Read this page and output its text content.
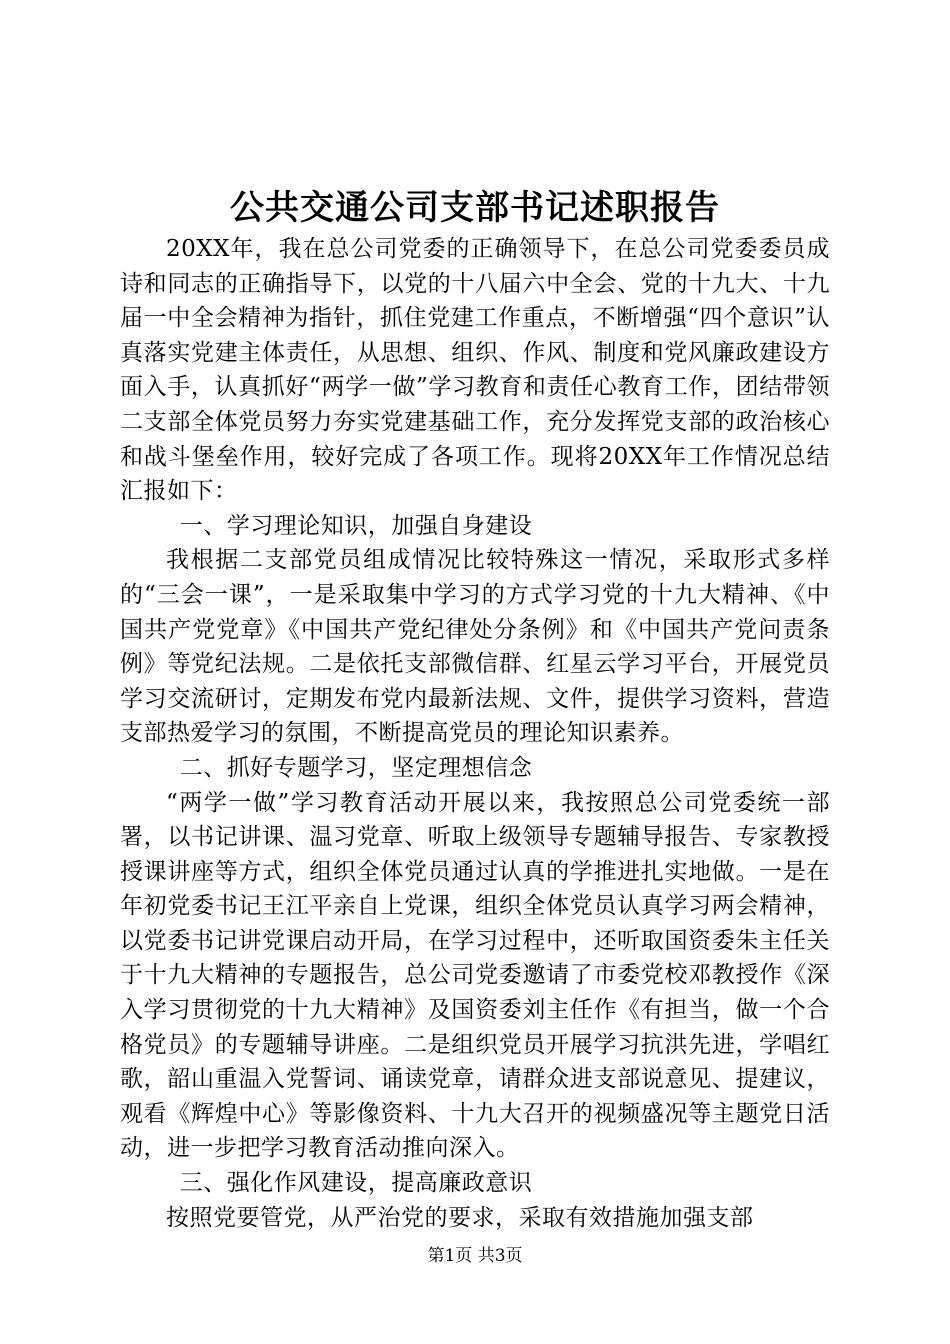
公共交通公司支部书记述职报告

20XX年，我在总公司党委的正确领导下，在总公司党委委员成诗和同志的正确指导下，以党的十八届六中全会、党的十九大、十九届一中全会精神为指针，抓住党建工作重点，不断增强“四个意识”认真落实党建主体责任，从思想、组织、作风、制度和党风廉政建设方面入手，认真抓好“两学一做”学习教育和责任心教育工作，团结带领二支部全体党员努力夯实党建基础工作，充分发挥党支部的政治核心和战斗堡垒作用，较好完成了各项工作。现将20XX年工作情况总结汇报如下：

一、学习理论知识，加强自身建设

我根据二支部党员组成情况比较特殊这一情况，采取形式多样的“三会一课”，一是采取集中学习的方式学习党的十九大精神、《中国共产党党章》《中国共产党纪律处分条例》和《中国共产党问责条例》等党纪法规。二是依托支部微信群、红星云学习平台，开展党员学习交流研讨，定期发布党内最新法规、文件，提供学习资料，营造支部热爱学习的氛围，不断提高党员的理论知识素养。

二、抓好专题学习，坚定理想信念

“两学一做”学习教育活动开展以来，我按照总公司党委统一部署，以书记讲课、温习党章、听取上级领导专题辅导报告、专家教授授课讲座等方式，组织全体党员通过认真的学推进扎实地做。一是在年初党委书记王江平亲自上党课，组织全体党员认真学习两会精神，以党委书记讲党课启动开局，在学习过程中，还听取国资委朱主任关于十九大精神的专题报告，总公司党委邀请了市委党校邓教授作《深入学习贯彻党的十九大精神》及国资委刘主任作《有担当，做一个合格党员》的专题辅导讲座。二是组织党员开展学习抗洪先进，学唱红歌，韶山重温入党誓词、诵读党章，请群众进支部说意见、提建议，观看《辉煌中心》等影像资料、十九大召开的视频盛况等主题党日活动，进一步把学习教育活动推向深入。

三、强化作风建设，提高廉政意识

按照党要管党，从严治党的要求，采取有效措施加强支部

第1页 共3页
